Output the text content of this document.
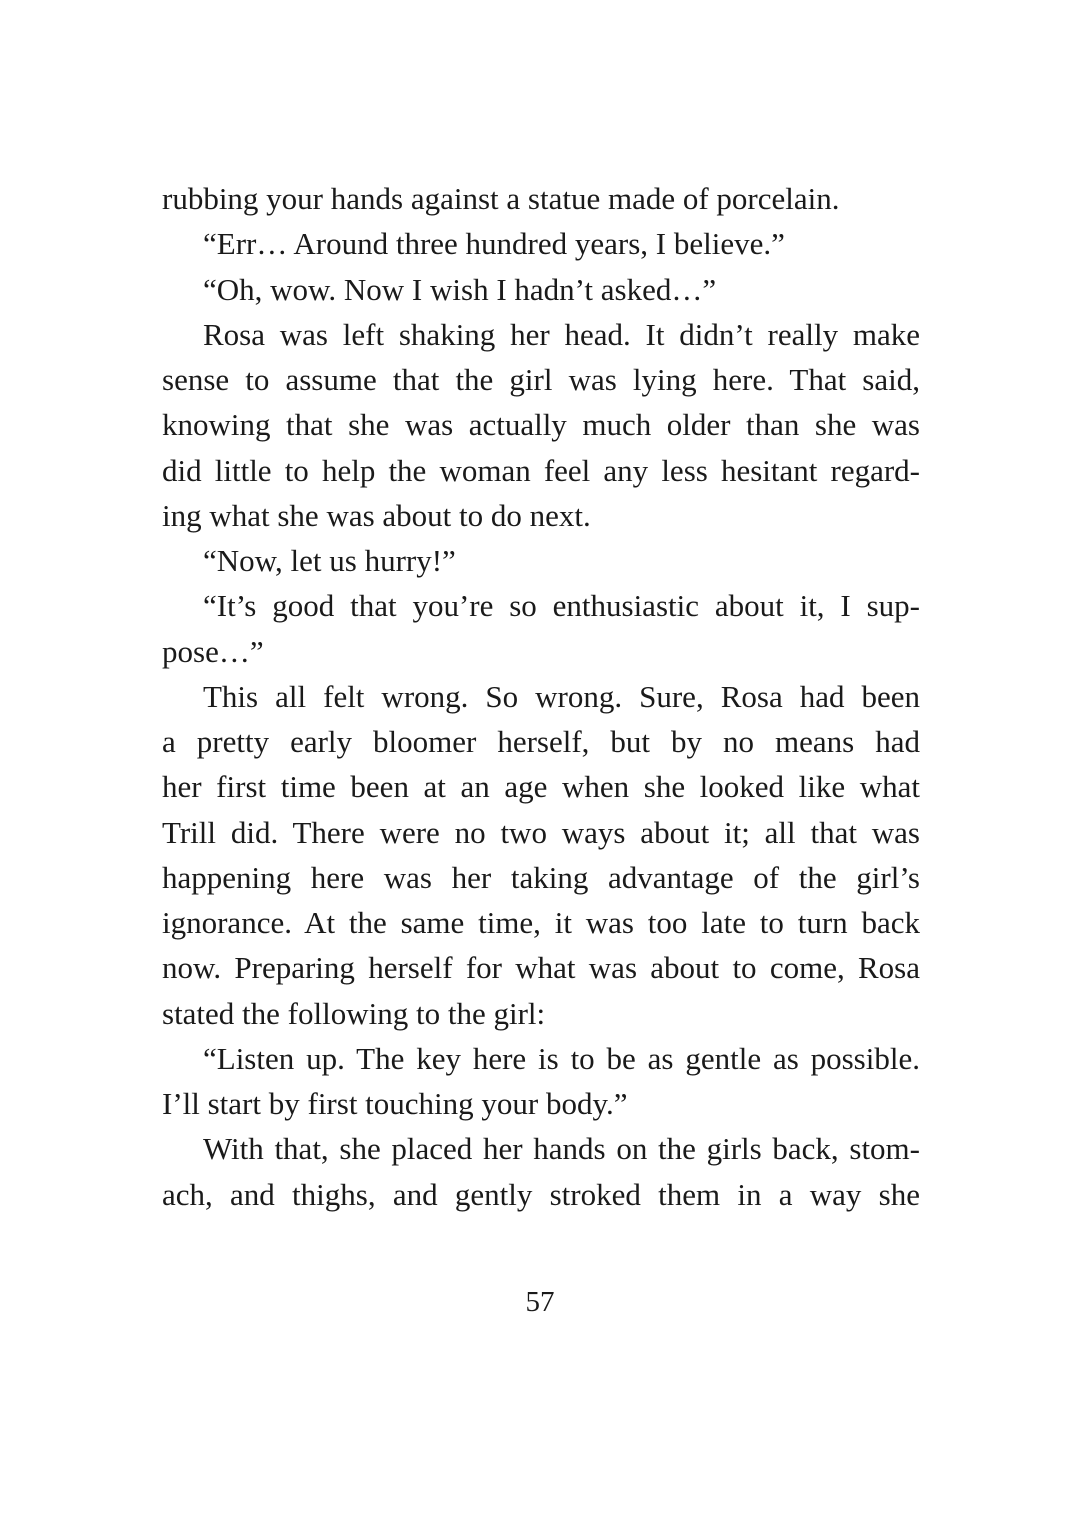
rubbing your hands against a statue made of porcelain.
“Err… Around three hundred years, I believe.”
“Oh, wow. Now I wish I hadn’t asked…”
Rosa was left shaking her head. It didn’t really make
sense to assume that the girl was lying here. That said,
knowing that she was actually much older than she was
did little to help the woman feel any less hesitant regard-
ing what she was about to do next.
“Now, let us hurry!”
“It’s good that you’re so enthusiastic about it, I sup-
pose…”
This all felt wrong. So wrong. Sure, Rosa had been
a pretty early bloomer herself, but by no means had
her first time been at an age when she looked like what
Trill did. There were no two ways about it; all that was
happening here was her taking advantage of the girl’s
ignorance. At the same time, it was too late to turn back
now. Preparing herself for what was about to come, Rosa
stated the following to the girl:
“Listen up. The key here is to be as gentle as possible.
I’ll start by first touching your body.”
With that, she placed her hands on the girls back, stom-
ach, and thighs, and gently stroked them in a way she
57
